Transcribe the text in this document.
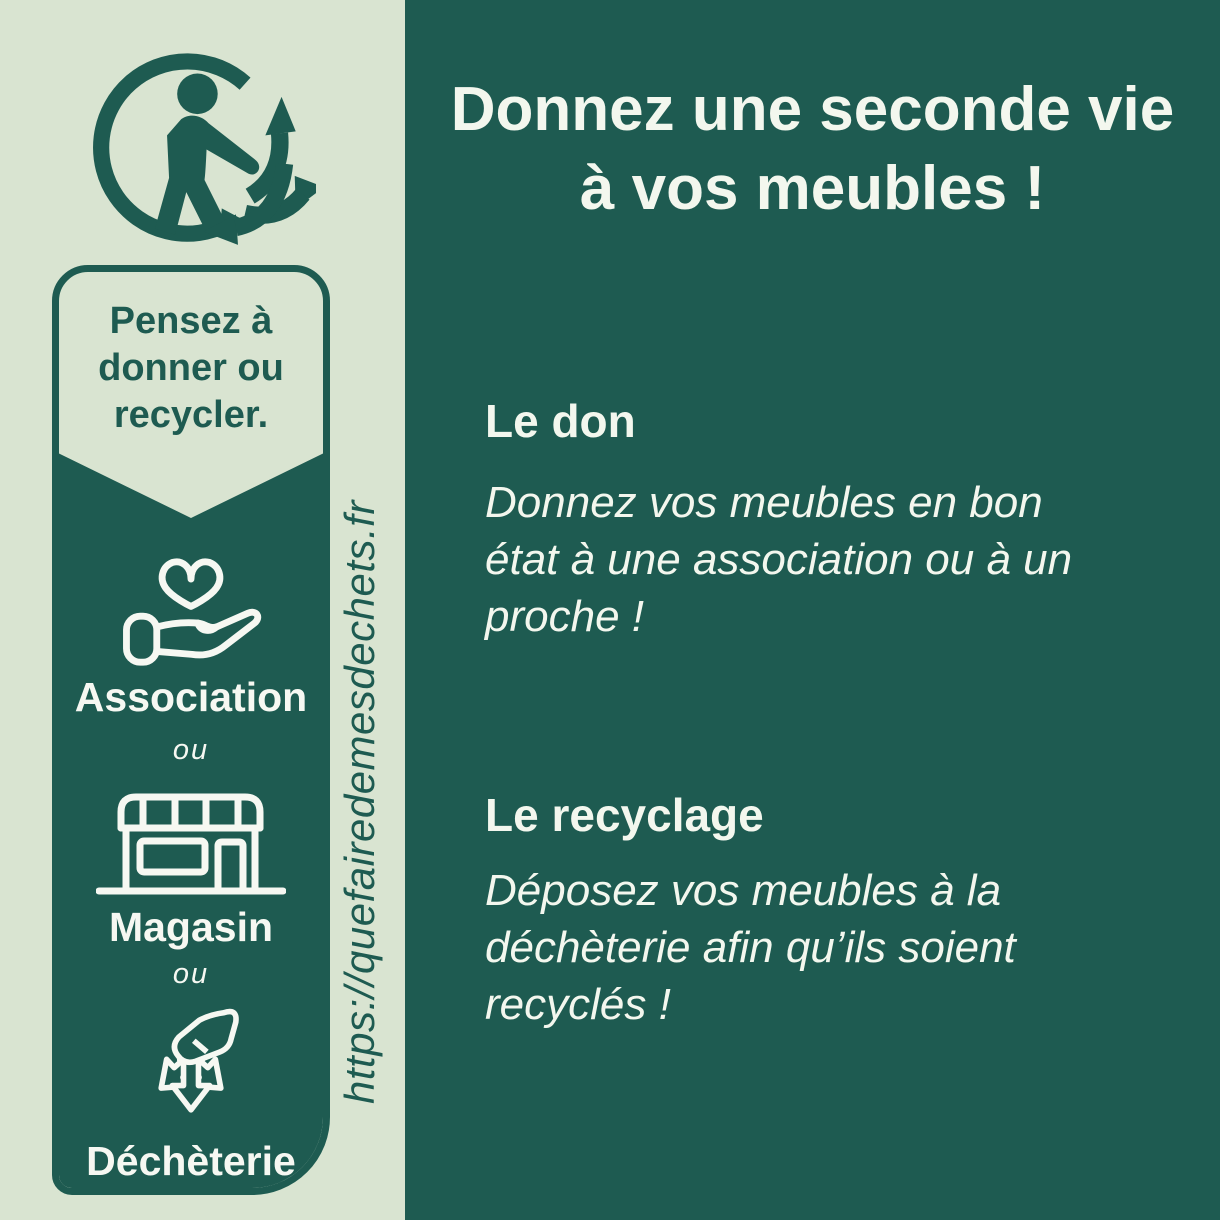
Pensez à
donner ou
recycler.
Association
ou
Magasin
ou
Déchèterie
https://quefairedemesdechets.fr
Donnez une seconde vie
à vos meubles !
Le don

Donnez vos meubles en bon
état à une association ou à un
proche !

Le recyclage

Déposez vos meubles à la
déchèterie afin qu’ils soient
recyclés !
